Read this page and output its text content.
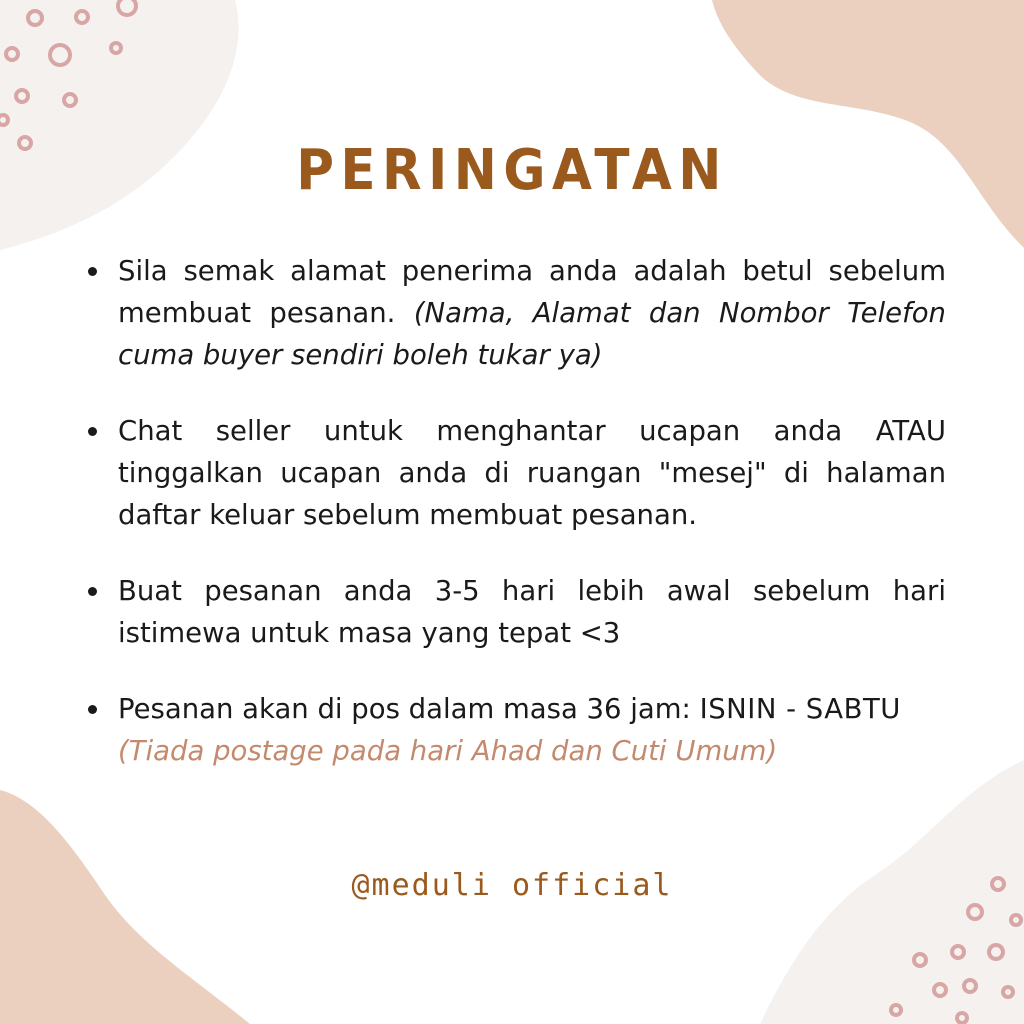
PERINGATAN
Sila semak alamat penerima anda adalah betul sebelum membuat pesanan. (Nama, Alamat dan Nombor Telefon cuma buyer sendiri boleh tukar ya)
Chat seller untuk menghantar ucapan anda ATAU tinggalkan ucapan anda di ruangan "mesej" di halaman daftar keluar sebelum membuat pesanan.
Buat pesanan anda 3-5 hari lebih awal sebelum hari istimewa untuk masa yang tepat <3
Pesanan akan di pos dalam masa 36 jam: ISNIN - SABTU
(Tiada postage pada hari Ahad dan Cuti Umum)
@meduli official
